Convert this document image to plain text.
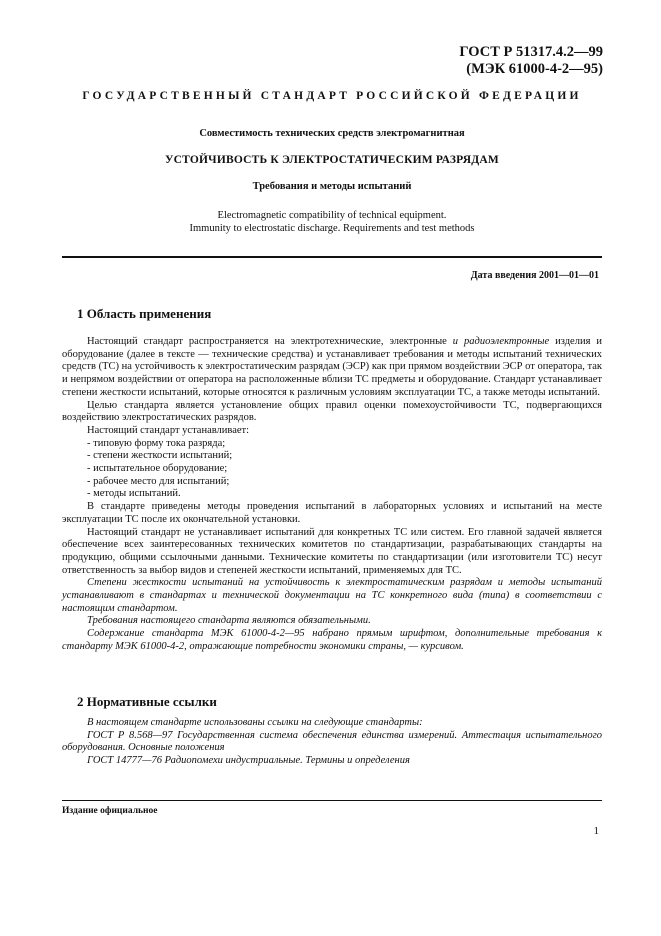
ГОСТ Р 51317.4.2—99
(МЭК 61000-4-2—95)
ГОСУДАРСТВЕННЫЙ СТАНДАРТ РОССИЙСКОЙ ФЕДЕРАЦИИ
Совместимость технических средств электромагнитная
УСТОЙЧИВОСТЬ К ЭЛЕКТРОСТАТИЧЕСКИМ РАЗРЯДАМ
Требования и методы испытаний
Electromagnetic compatibility of technical equipment.
Immunity to electrostatic discharge. Requirements and test methods
Дата введения 2001—01—01
1 Область применения

Настоящий стандарт распространяется на электротехнические, электронные и радиоэлектронные изделия и оборудование (далее в тексте — технические средства) и устанавливает требования и методы испытаний технических средств (ТС) на устойчивость к электростатическим разрядам (ЭСР) как при прямом воздействии ЭСР от оператора, так и непрямом воздействии от оператора на расположенные вблизи ТС предметы и оборудование. Стандарт устанавливает степени жесткости испытаний, которые относятся к различным условиям эксплуатации ТС, а также методы испытаний.

Целью стандарта является установление общих правил оценки помехоустойчивости ТС, подвергающихся воздействию электростатических разрядов.

Настоящий стандарт устанавливает:

- типовую форму тока разряда;

- степени жесткости испытаний;

- испытательное оборудование;

- рабочее место для испытаний;

- методы испытаний.

В стандарте приведены методы проведения испытаний в лабораторных условиях и испытаний на месте эксплуатации ТС после их окончательной установки.

Настоящий стандарт не устанавливает испытаний для конкретных ТС или систем. Его главной задачей является обеспечение всех заинтересованных технических комитетов по стандартизации, разрабатывающих стандарты на продукцию, общими ссылочными данными. Технические комитеты по стандартизации (или изготовители ТС) несут ответственность за выбор видов и степеней жесткости испытаний, применяемых для ТС.

Степени жесткости испытаний на устойчивость к электростатическим разрядам и методы испытаний устанавливают в стандартах и технической документации на ТС конкретного вида (типа) в соответствии с настоящим стандартом.

Требования настоящего стандарта являются обязательными.

Содержание стандарта МЭК 61000-4-2—95 набрано прямым шрифтом, дополнительные требования к стандарту МЭК 61000-4-2, отражающие потребности экономики страны, — курсивом.

2 Нормативные ссылки

В настоящем стандарте использованы ссылки на следующие стандарты:

ГОСТ Р 8.568—97 Государственная система обеспечения единства измерений. Аттестация испытательного оборудования. Основные положения

ГОСТ 14777—76 Радиопомехи индустриальные. Термины и определения

Издание официальное
1
